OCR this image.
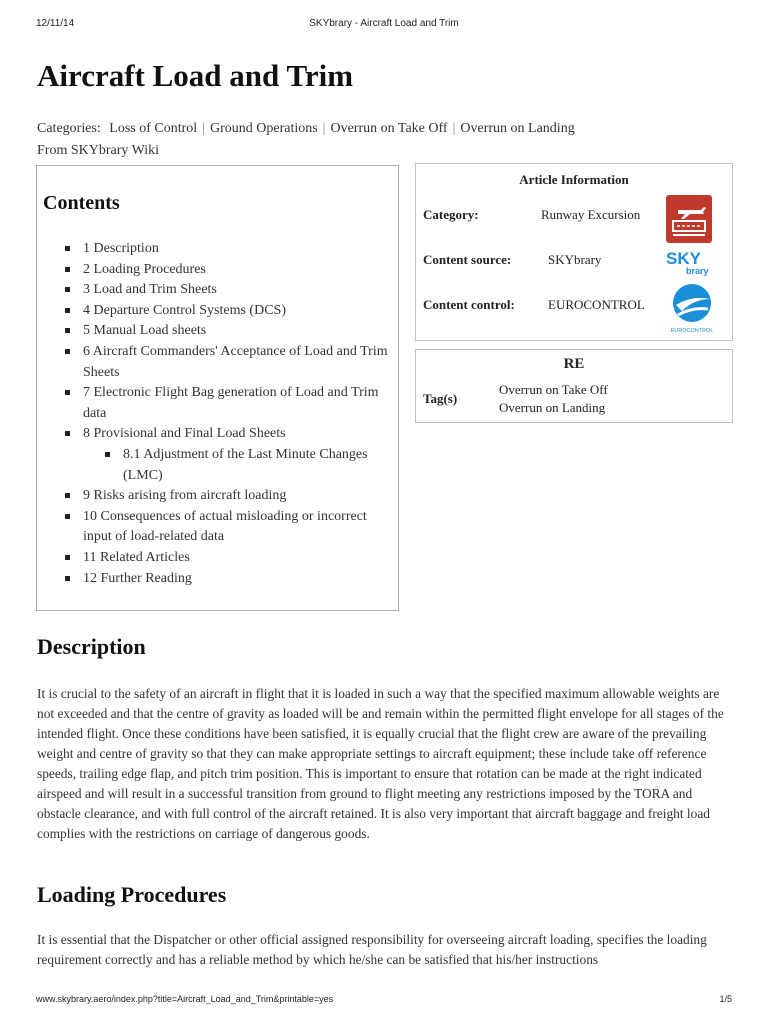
12/11/14	SKYbrary - Aircraft Load and Trim
Aircraft Load and Trim
Categories: Loss of Control | Ground Operations | Overrun on Take Off | Overrun on Landing
From SKYbrary Wiki
Contents
1 Description
2 Loading Procedures
3 Load and Trim Sheets
4 Departure Control Systems (DCS)
5 Manual Load sheets
6 Aircraft Commanders' Acceptance of Load and Trim Sheets
7 Electronic Flight Bag generation of Load and Trim data
8 Provisional and Final Load Sheets
8.1 Adjustment of the Last Minute Changes (LMC)
9 Risks arising from aircraft loading
10 Consequences of actual misloading or incorrect input of load-related data
11 Related Articles
12 Further Reading
Article Information
Category:	Runway Excursion
Content source:	SKYbrary	SKY
brary
Content control:	EUROCONTROL
EUROCONTROL
RE
Tag(s)
Overrun on Take Off
Overrun on Landing
Description

It is crucial to the safety of an aircraft in flight that it is loaded in such a way that the specified maximum allowable weights are not exceeded and that the centre of gravity as loaded will be and remain within the permitted flight envelope for all stages of the intended flight. Once these conditions have been satisfied, it is equally crucial that the flight crew are aware of the prevailing weight and centre of gravity so that they can make appropriate settings to aircraft equipment; these include take off reference speeds, trailing edge flap, and pitch trim position. This is important to ensure that rotation can be made at the right indicated airspeed and will result in a successful transition from ground to flight meeting any restrictions imposed by the TORA and obstacle clearance, and with full control of the aircraft retained. It is also very important that aircraft baggage and freight load complies with the restrictions on carriage of dangerous goods.

Loading Procedures

It is essential that the Dispatcher or other official assigned responsibility for overseeing aircraft loading, specifies the loading requirement correctly and has a reliable method by which he/she can be satisfied that his/her instructions

www.skybrary.aero/index.php?title=Aircraft_Load_and_Trim&printable=yes	1/5
